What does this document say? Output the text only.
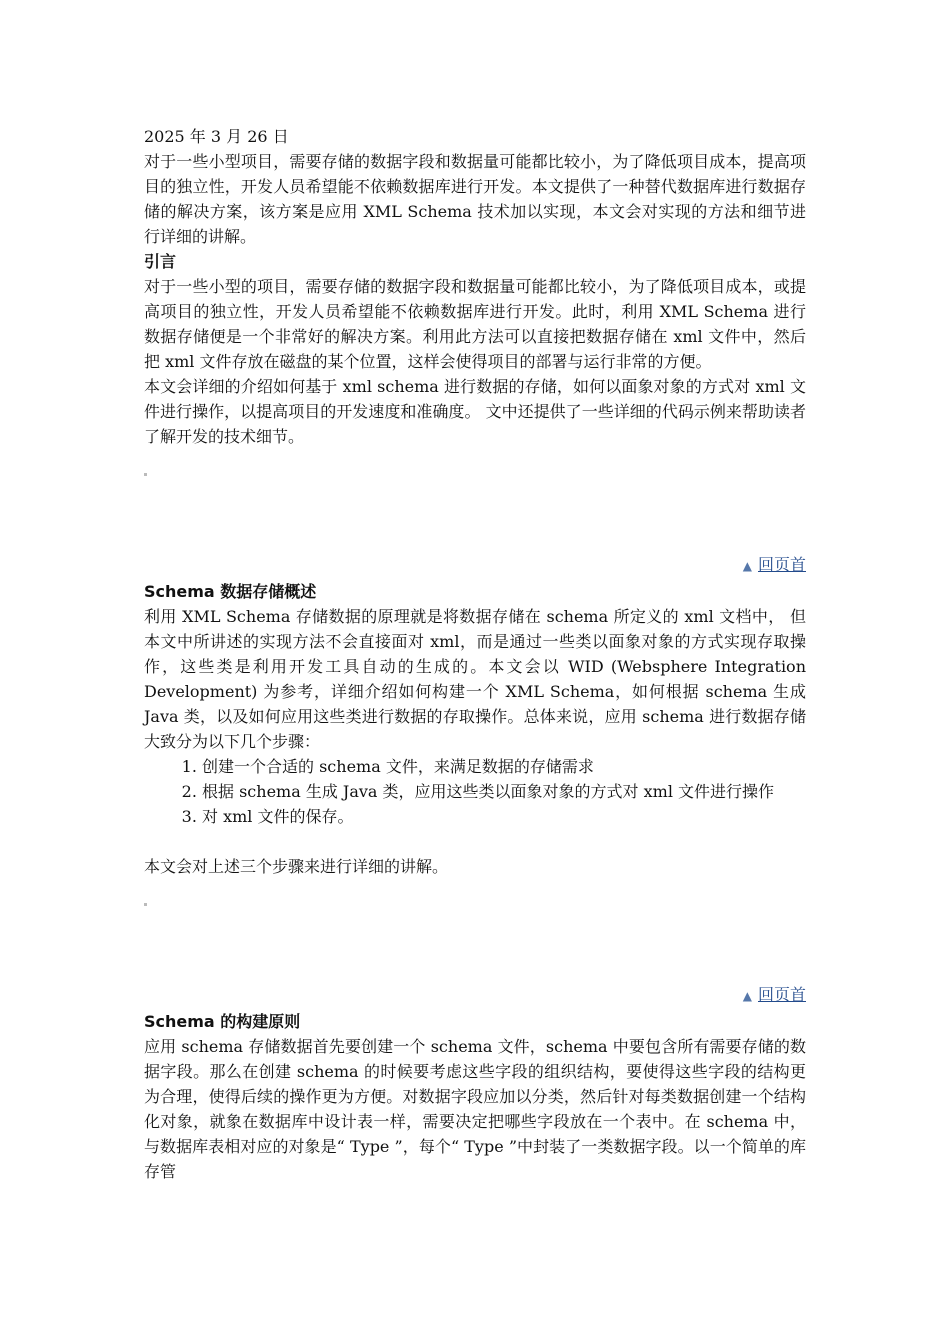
2025 年 3 月 26 日

对于一些小型项目，需要存储的数据字段和数据量可能都比较小，为了降低项目成本，提高项目的独立性，开发人员希望能不依赖数据库进行开发。本文提供了一种替代数据库进行数据存储的解决方案，该方案是应用 XML Schema 技术加以实现，本文会对实现的方法和细节进行详细的讲解。

引言

对于一些小型的项目，需要存储的数据字段和数据量可能都比较小，为了降低项目成本，或提高项目的独立性，开发人员希望能不依赖数据库进行开发。此时，利用 XML Schema 进行数据存储便是一个非常好的解决方案。利用此方法可以直接把数据存储在 xml 文件中，然后把 xml 文件存放在磁盘的某个位置，这样会使得项目的部署与运行非常的方便。

本文会详细的介绍如何基于 xml schema 进行数据的存储，如何以面象对象的方式对 xml 文件进行操作，以提高项目的开发速度和准确度。 文中还提供了一些详细的代码示例来帮助读者了解开发的技术细节。

▲ 回页首

Schema 数据存储概述

利用 XML Schema 存储数据的原理就是将数据存储在 schema 所定义的 xml 文档中， 但本文中所讲述的实现方法不会直接面对 xml，而是通过一些类以面象对象的方式实现存取操作，这些类是利用开发工具自动的生成的。本文会以 WID (Websphere Integration Development) 为参考，详细介绍如何构建一个 XML Schema，如何根据 schema 生成 Java 类，以及如何应用这些类进行数据的存取操作。总体来说，应用 schema 进行数据存储大致分为以下几个步骤：

1. 创建一个合适的 schema 文件，来满足数据的存储需求
2. 根据 schema 生成 Java 类，应用这些类以面象对象的方式对 xml 文件进行操作
3. 对 xml 文件的保存。

本文会对上述三个步骤来进行详细的讲解。

▲ 回页首

Schema 的构建原则

应用 schema 存储数据首先要创建一个 schema 文件，schema 中要包含所有需要存储的数据字段。那么在创建 schema 的时候要考虑这些字段的组织结构，要使得这些字段的结构更为合理，使得后续的操作更为方便。对数据字段应加以分类，然后针对每类数据创建一个结构化对象，就象在数据库中设计表一样，需要决定把哪些字段放在一个表中。在 schema 中，与数据库表相对应的对象是“ Type ”，每个“ Type ”中封装了一类数据字段。以一个简单的库存管
